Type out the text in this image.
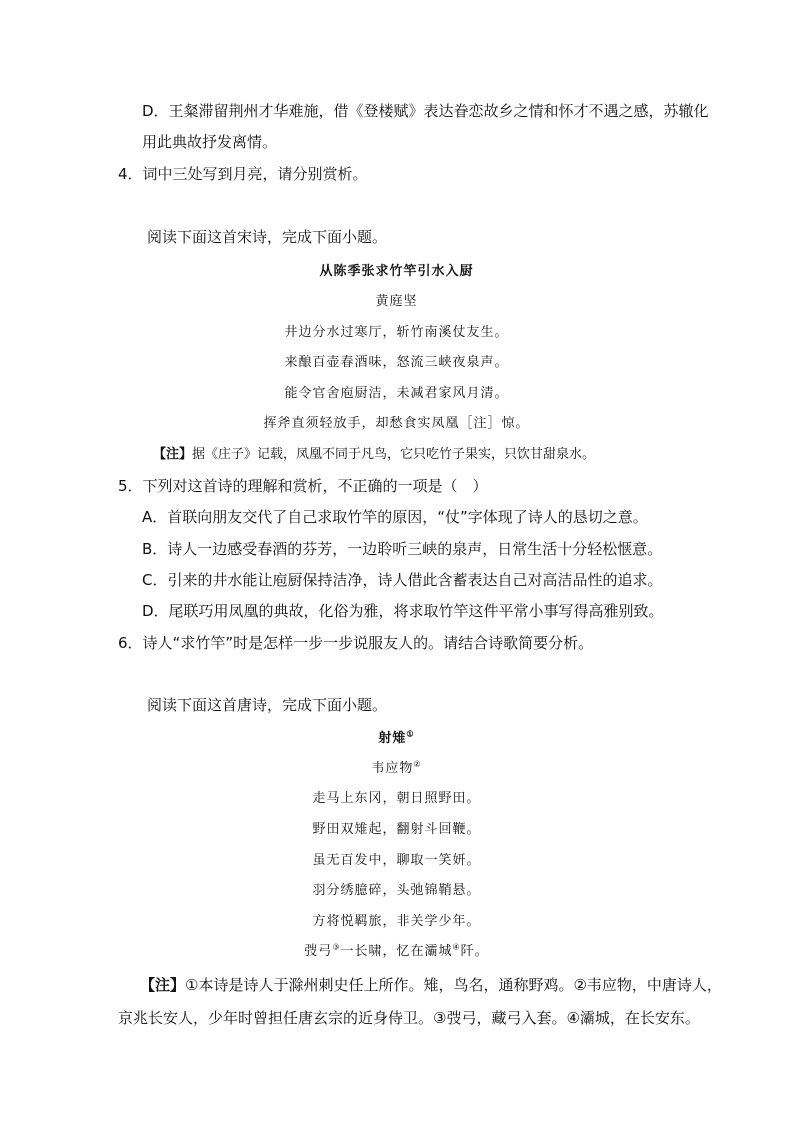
D．王粲滞留荆州才华难施，借《登楼赋》表达眷恋故乡之情和怀才不遇之感，苏辙化
用此典故抒发离情。
4．词中三处写到月亮，请分别赏析。
阅读下面这首宋诗，完成下面小题。
从陈季张求竹竿引水入厨
黄庭坚
井边分水过寒厅，斩竹南溪仗友生。
来酿百壶春酒味，怒流三峡夜泉声。
能令官舍庖厨洁，未减君家风月清。
挥斧直须轻放手，却愁食实凤凰［注］惊。
【注】据《庄子》记载，凤凰不同于凡鸟，它只吃竹子果实，只饮甘甜泉水。
5．下列对这首诗的理解和赏析，不正确的一项是（　）
A．首联向朋友交代了自己求取竹竿的原因，“仗”字体现了诗人的恳切之意。
B．诗人一边感受春酒的芬芳，一边聆听三峡的泉声，日常生活十分轻松惬意。
C．引来的井水能让庖厨保持洁净，诗人借此含蓄表达自己对高洁品性的追求。
D．尾联巧用凤凰的典故，化俗为雅，将求取竹竿这件平常小事写得高雅别致。
6．诗人“求竹竿”时是怎样一步一步说服友人的。请结合诗歌简要分析。
阅读下面这首唐诗，完成下面小题。
射雉①
韦应物②
走马上东冈，朝日照野田。
野田双雉起，翻射斗回鞭。
虽无百发中，聊取一笑妍。
羽分绣臆碎，头弛锦鞘悬。
方将悦羁旅，非关学少年。
弢弓③一长啸，忆在灞城④阡。
【注】①本诗是诗人于滁州刺史任上所作。雉，鸟名，通称野鸡。②韦应物，中唐诗人，
京兆长安人，少年时曾担任唐玄宗的近身侍卫。③弢弓，藏弓入套。④灞城，在长安东。
